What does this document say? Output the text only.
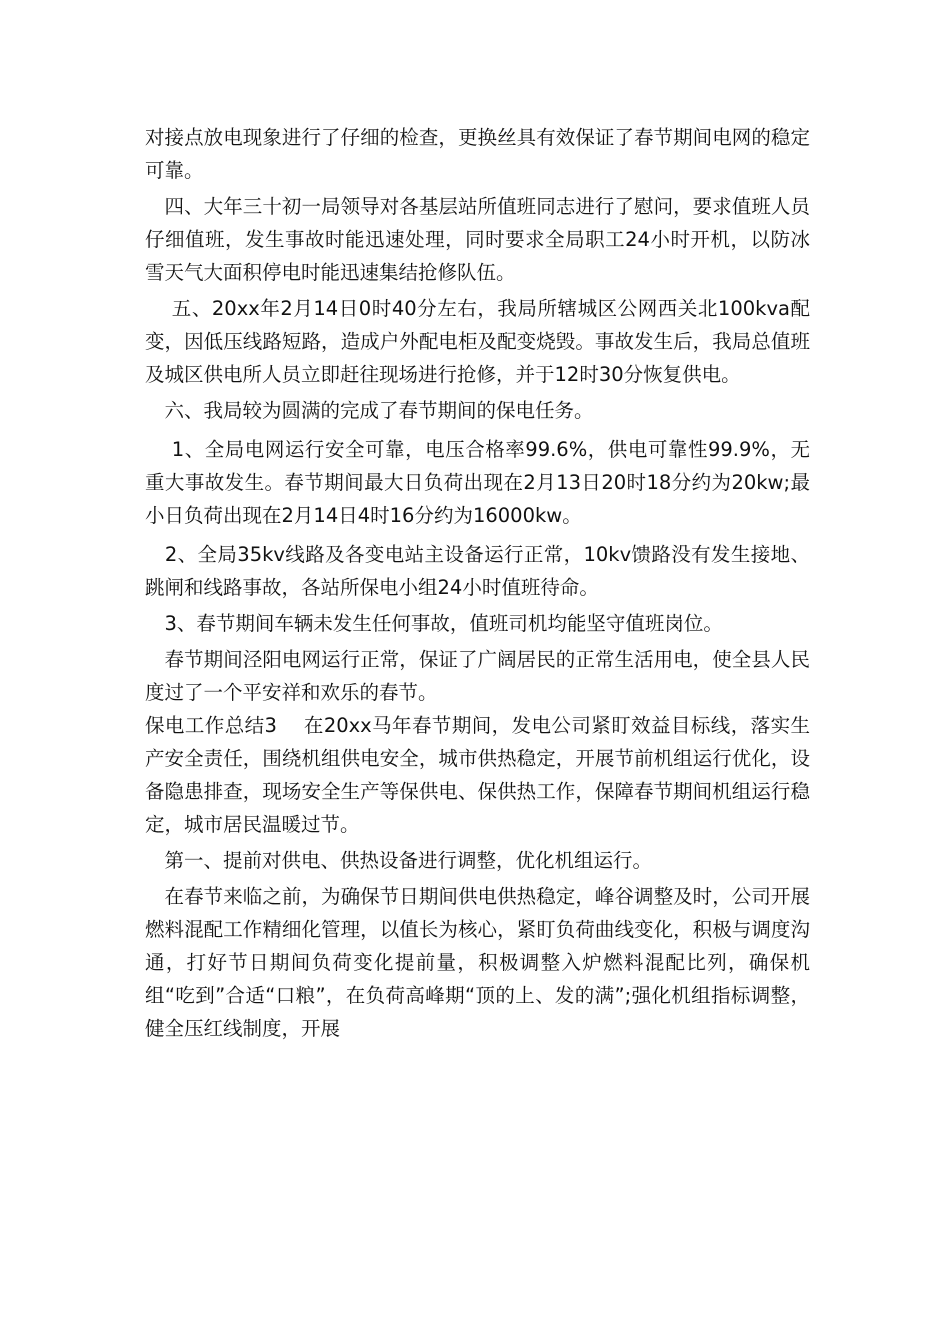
对接点放电现象进行了仔细的检查，更换丝具有效保证了春节期间电网的稳定可靠。

　四、大年三十初一局领导对各基层站所值班同志进行了慰问，要求值班人员仔细值班，发生事故时能迅速处理，同时要求全局职工24小时开机，以防冰雪天气大面积停电时能迅速集结抢修队伍。

　 五、20xx年2月14日0时40分左右，我局所辖城区公网西关北100kva配变，因低压线路短路，造成户外配电柜及配变烧毁。事故发生后，我局总值班及城区供电所人员立即赶往现场进行抢修，并于12时30分恢复供电。

　六、我局较为圆满的完成了春节期间的保电任务。

　 1、全局电网运行安全可靠，电压合格率99.6%，供电可靠性99.9%，无重大事故发生。春节期间最大日负荷出现在2月13日20时18分约为20kw;最小日负荷出现在2月14日4时16分约为16000kw。

　2、全局35kv线路及各变电站主设备运行正常，10kv馈路没有发生接地、跳闸和线路事故，各站所保电小组24小时值班待命。

　3、春节期间车辆未发生任何事故，值班司机均能坚守值班岗位。

　春节期间泾阳电网运行正常，保证了广阔居民的正常生活用电，使全县人民度过了一个平安祥和欢乐的春节。

保电工作总结3　 在20xx马年春节期间，发电公司紧盯效益目标线，落实生产安全责任，围绕机组供电安全，城市供热稳定，开展节前机组运行优化，设备隐患排查，现场安全生产等保供电、保供热工作，保障春节期间机组运行稳定，城市居民温暖过节。

　第一、提前对供电、供热设备进行调整，优化机组运行。

　在春节来临之前，为确保节日期间供电供热稳定，峰谷调整及时，公司开展燃料混配工作精细化管理，以值长为核心，紧盯负荷曲线变化，积极与调度沟通，打好节日期间负荷变化提前量，积极调整入炉燃料混配比列，确保机组“吃到”合适“口粮”，在负荷高峰期“顶的上、发的满”;强化机组指标调整，健全压红线制度，开展
